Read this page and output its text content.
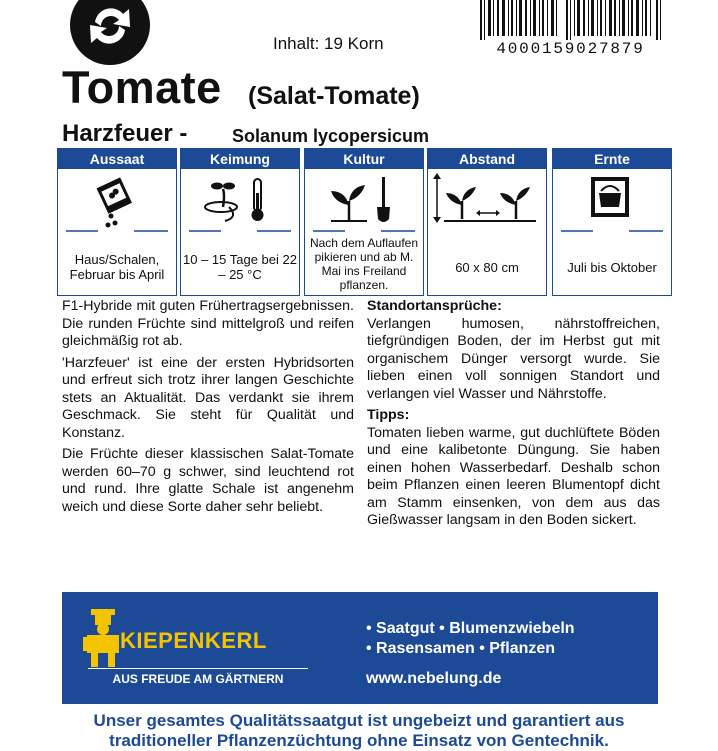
Inhalt: 19 Korn	4000159027879
Tomate (Salat-Tomate)
Harzfeuer - Solanum lycopersicum
Aussaat
Haus/Schalen, Februar bis April
Keimung
10 – 15 Tage bei 22 – 25 °C
Kultur
Nach dem Auflaufen pikieren und ab M. Mai ins Freiland pflanzen.
Abstand
60 x 80 cm
Ernte
Juli bis Oktober

F1-Hybride mit guten Frühertragsergebnissen. Die runden Früchte sind mittelgroß und reifen gleichmäßig rot ab.

'Harzfeuer' ist eine der ersten Hybridsorten und erfreut sich trotz ihrer langen Geschichte stets an Aktualität. Das verdankt sie ihrem Geschmack. Sie steht für Qualität und Konstanz.

Die Früchte dieser klassischen Salat-Tomate werden 60–70 g schwer, sind leuchtend rot und rund. Ihre glatte Schale ist angenehm weich und diese Sorte daher sehr beliebt.

Standortansprüche:

Verlangen humosen, nährstoffreichen, tiefgründigen Boden, der im Herbst gut mit organischem Dünger versorgt wurde. Sie lieben einen voll sonnigen Standort und verlangen viel Wasser und Nährstoffe.

Tipps:

Tomaten lieben warme, gut duchlüftete Böden und eine kalibetonte Düngung. Sie haben einen hohen Wasserbedarf. Deshalb schon beim Pflanzen einen leeren Blumentopf dicht am Stamm einsenken, von dem aus das Gießwasser langsam in den Boden sickert.

KIEPENKERL
AUS FREUDE AM GÄRTNERN
• Saatgut • Blumenzwiebeln
• Rasensamen • Pflanzen
www.nebelung.de
Unser gesamtes Qualitätssaatgut ist ungebeizt und garantiert aus
traditioneller Pflanzenzüchtung ohne Einsatz von Gentechnik.
